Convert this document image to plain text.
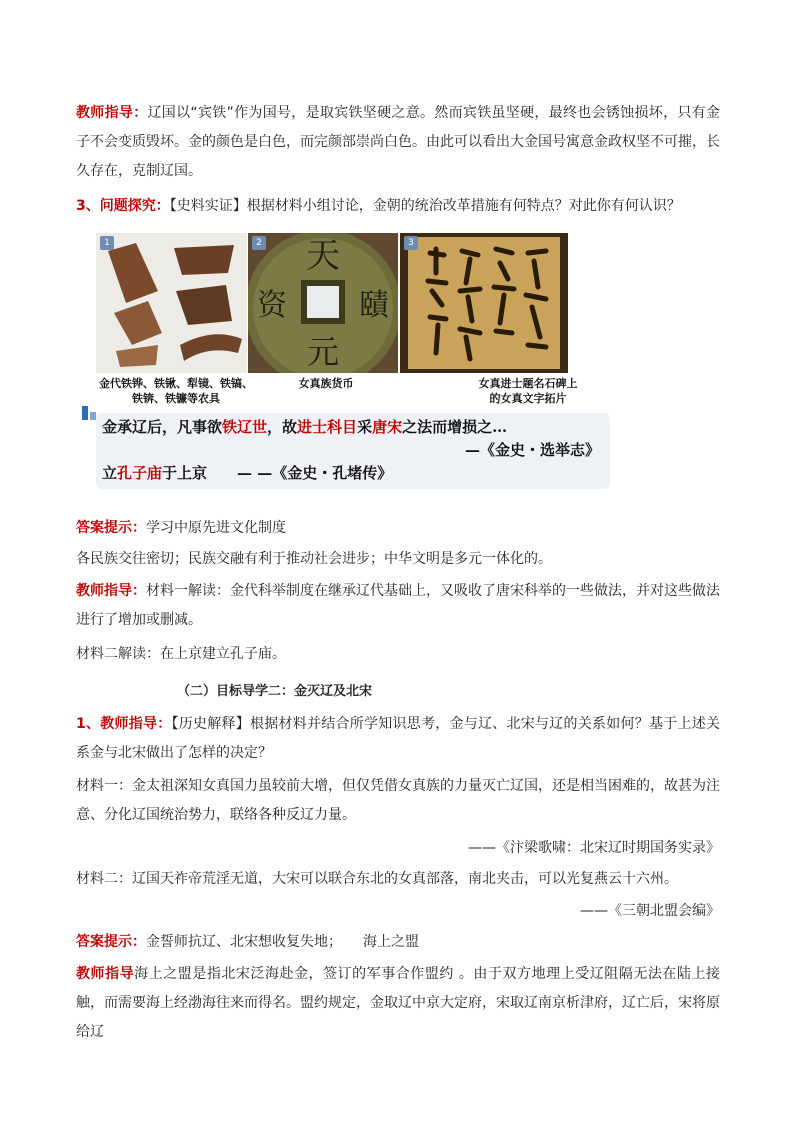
教师指导：辽国以“宾铁”作为国号，是取宾铁坚硬之意。然而宾铁虽坚硬，最终也会锈蚀损坏，只有金子不会变质毁坏。金的颜色是白色，而完颜部崇尚白色。由此可以看出大金国号寓意金政权坚不可摧，长久存在，克制辽国。

3、问题探究：【史料实证】根据材料小组讨论，金朝的统治改革措施有何特点？对此你有何认识？

1	天
賾
资
元
2	3
金代铁铧、铁锹、犁镜、铁镐、
铁锛、铁镰等农具
女真族货币	女真进士题名石碑上
的女真文字拓片
金承辽后，凡事欲铁辽世，故进士科目采唐宋之法而增损之…
—《金史・选举志》
立孔子庙于上京 — —《金史・孔堵传》

答案提示：学习中原先进文化制度

各民族交往密切；民族交融有利于推动社会进步；中华文明是多元一体化的。

教师指导：材料一解读：金代科举制度在继承辽代基础上，又吸收了唐宋科举的一些做法，并对这些做法进行了增加或删减。

材料二解读：在上京建立孔子庙。

（二）目标导学二：金灭辽及北宋

1、教师指导：【历史解释】根据材料并结合所学知识思考，金与辽、北宋与辽的关系如何？基于上述关系金与北宋做出了怎样的决定？

材料一：金太祖深知女真国力虽较前大增，但仅凭借女真族的力量灭亡辽国，还是相当困难的，故甚为注意、分化辽国统治势力，联络各种反辽力量。

——《汴梁歌啸：北宋辽时期国务实录》

材料二：辽国天祚帝荒淫无道，大宋可以联合东北的女真部落，南北夹击，可以光复燕云十六州。

——《三朝北盟会编》

答案提示：金誓师抗辽、北宋想收复失地；　　海上之盟

教师指导海上之盟是指北宋泛海赴金，签订的军事合作盟约 。由于双方地理上受辽阻隔无法在陆上接触，而需要海上经渤海往来而得名。盟约规定，金取辽中京大定府，宋取辽南京析津府，辽亡后，宋将原给辽
